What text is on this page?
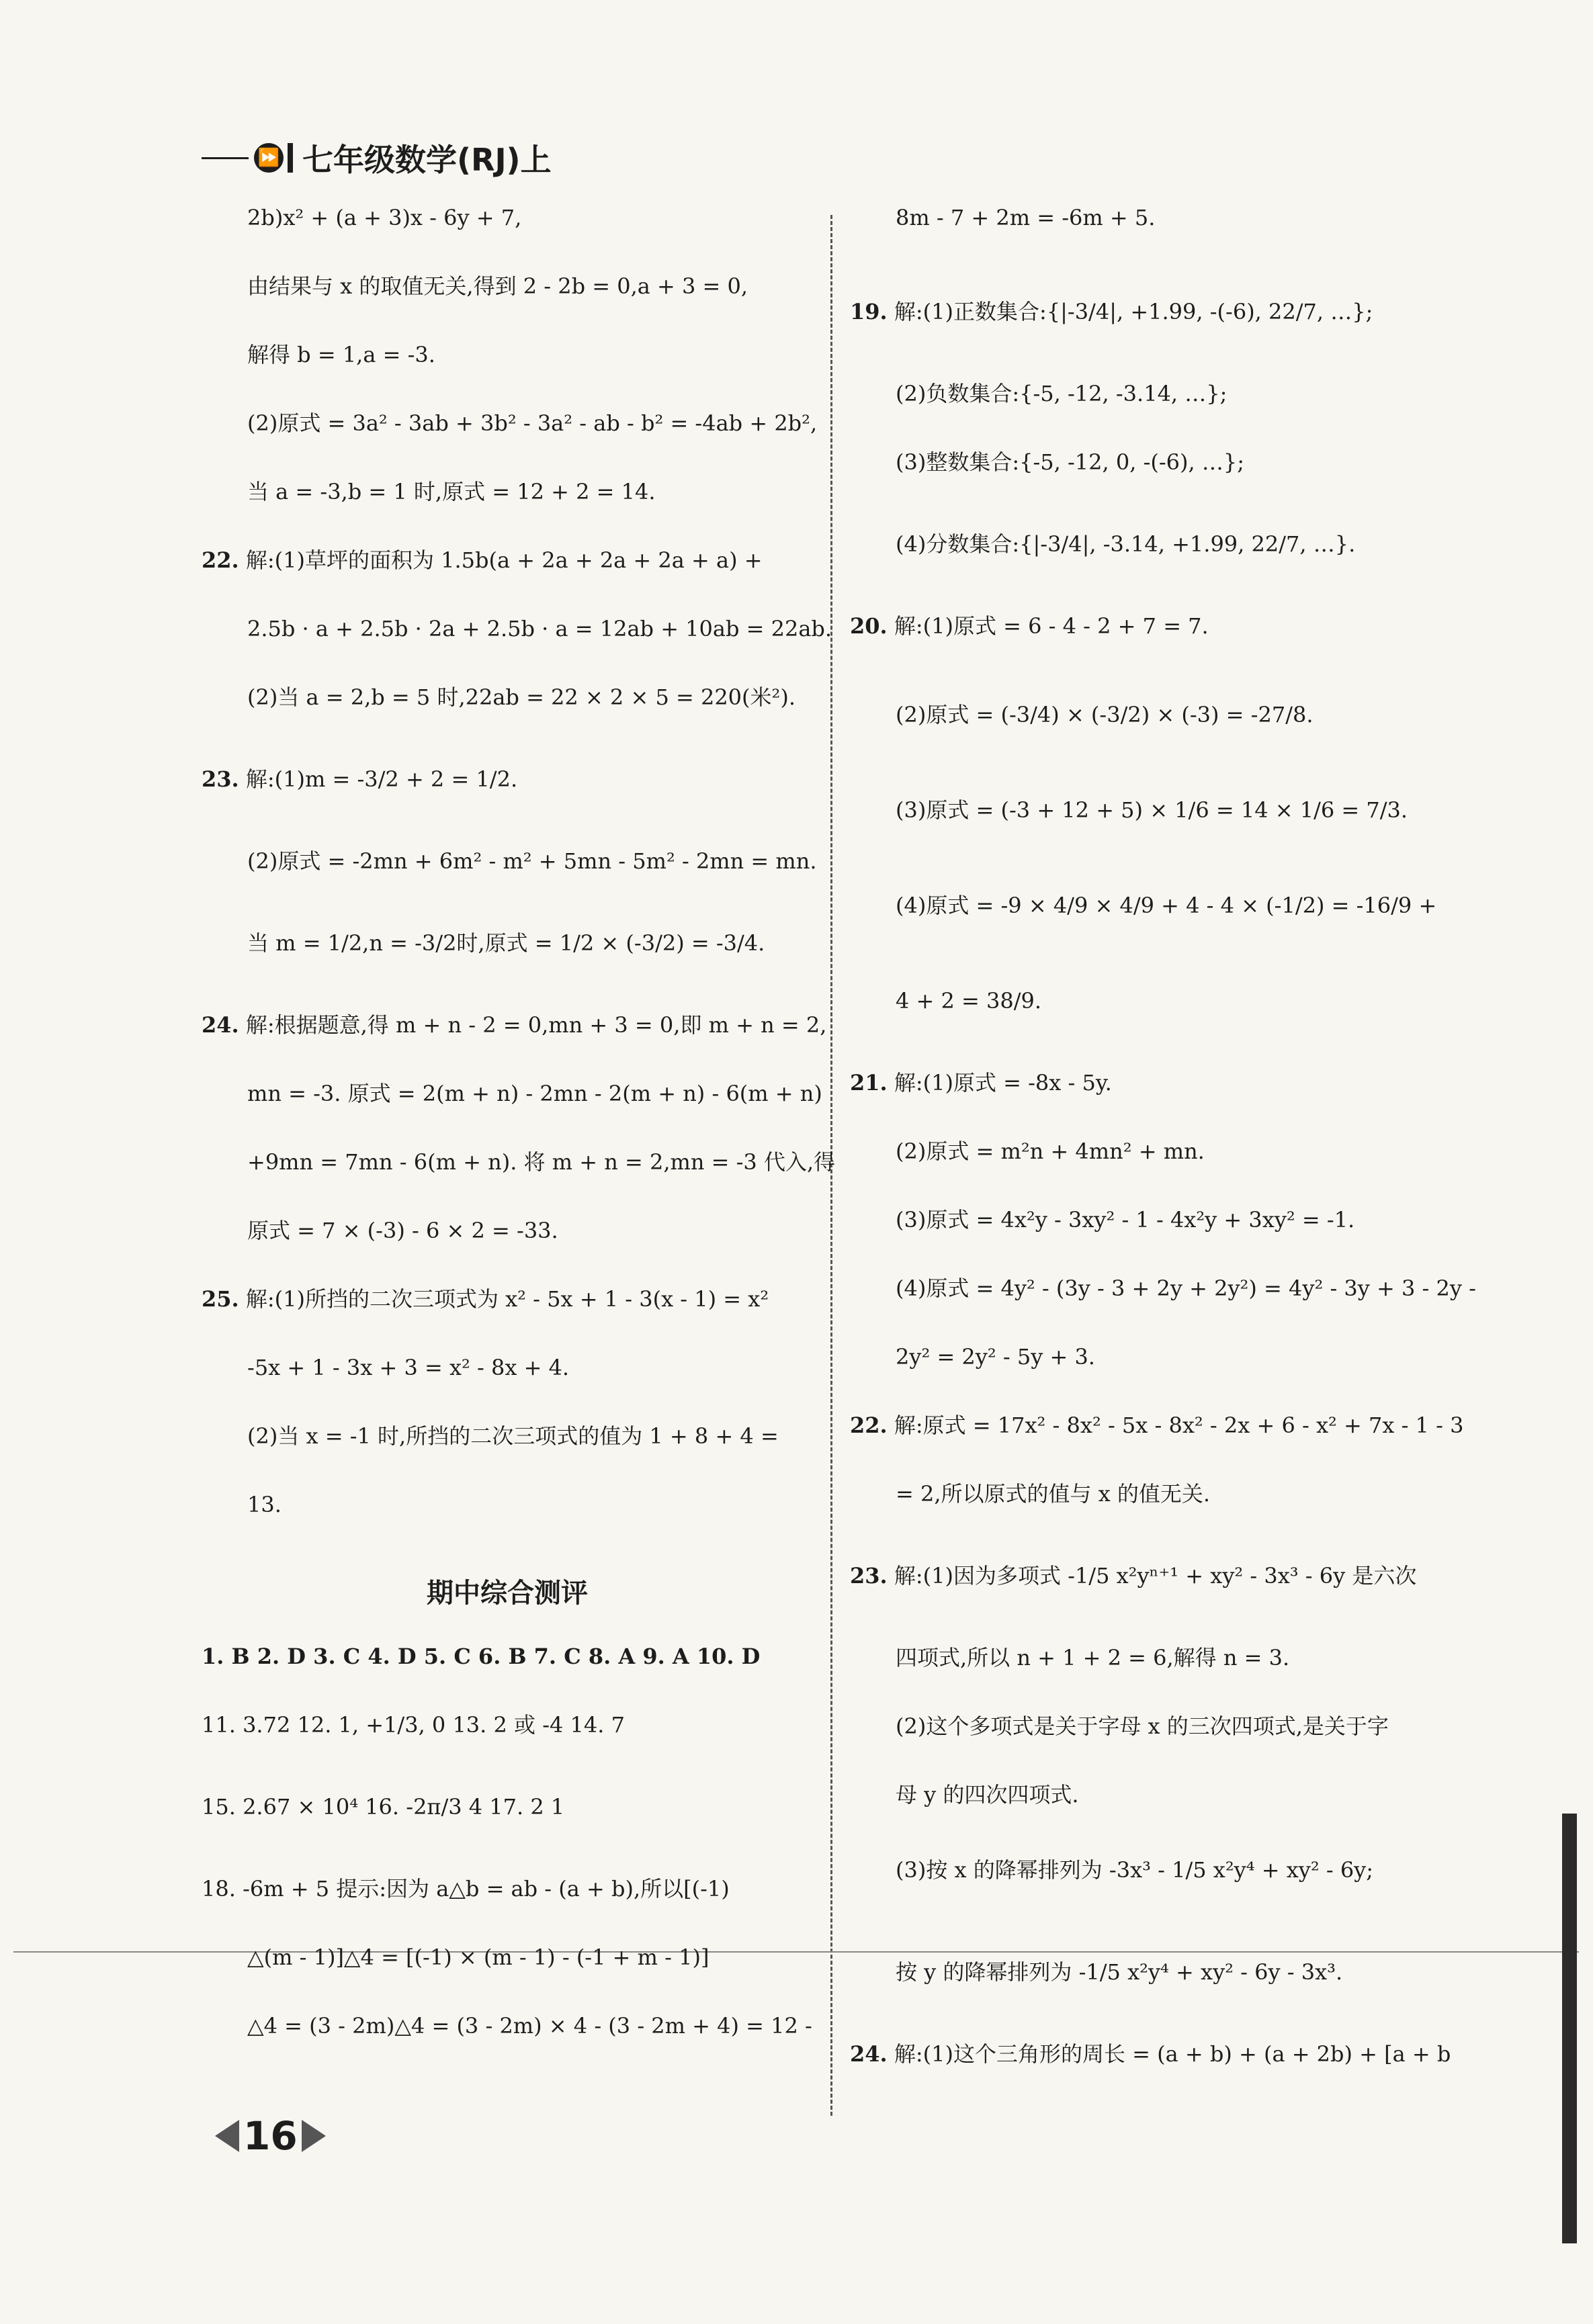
⏩ 七年级数学(RJ)上
2b)x² + (a + 3)x - 6y + 7,
由结果与 x 的取值无关,得到 2 - 2b = 0,a + 3 = 0,
解得 b = 1,a = -3.
(2)原式 = 3a² - 3ab + 3b² - 3a² - ab - b² = -4ab + 2b²,
当 a = -3,b = 1 时,原式 = 12 + 2 = 14.
22. 解:(1)草坪的面积为 1.5b(a + 2a + 2a + 2a + a) +
2.5b · a + 2.5b · 2a + 2.5b · a = 12ab + 10ab = 22ab.
(2)当 a = 2,b = 5 时,22ab = 22 × 2 × 5 = 220(米²).
23. 解:(1)m = -3/2 + 2 = 1/2.
(2)原式 = -2mn + 6m² - m² + 5mn - 5m² - 2mn = mn.
当 m = 1/2,n = -3/2时,原式 = 1/2 × (-3/2) = -3/4.
24. 解:根据题意,得 m + n - 2 = 0,mn + 3 = 0,即 m + n = 2,
mn = -3. 原式 = 2(m + n) - 2mn - 2(m + n) - 6(m + n)
+9mn = 7mn - 6(m + n). 将 m + n = 2,mn = -3 代入,得
原式 = 7 × (-3) - 6 × 2 = -33.
25. 解:(1)所挡的二次三项式为 x² - 5x + 1 - 3(x - 1) = x²
-5x + 1 - 3x + 3 = x² - 8x + 4.
(2)当 x = -1 时,所挡的二次三项式的值为 1 + 8 + 4 =
13.
期中综合测评
1. B 2. D 3. C 4. D 5. C 6. B 7. C 8. A 9. A 10. D
11. 3.72 12. 1, +1/3, 0 13. 2 或 -4 14. 7
15. 2.67 × 10⁴ 16. -2π/3 4 17. 2 1
18. -6m + 5 提示:因为 a△b = ab - (a + b),所以[(-1)
△(m - 1)]△4 = [(-1) × (m - 1) - (-1 + m - 1)]
△4 = (3 - 2m)△4 = (3 - 2m) × 4 - (3 - 2m + 4) = 12 -
8m - 7 + 2m = -6m + 5.
19. 解:(1)正数集合:{|-3/4|, +1.99, -(-6), 22/7, …};
(2)负数集合:{-5, -12, -3.14, …};
(3)整数集合:{-5, -12, 0, -(-6), …};
(4)分数集合:{|-3/4|, -3.14, +1.99, 22/7, …}.
20. 解:(1)原式 = 6 - 4 - 2 + 7 = 7.
(2)原式 = (-3/4) × (-3/2) × (-3) = -27/8.
(3)原式 = (-3 + 12 + 5) × 1/6 = 14 × 1/6 = 7/3.
(4)原式 = -9 × 4/9 × 4/9 + 4 - 4 × (-1/2) = -16/9 +
4 + 2 = 38/9.
21. 解:(1)原式 = -8x - 5y.
(2)原式 = m²n + 4mn² + mn.
(3)原式 = 4x²y - 3xy² - 1 - 4x²y + 3xy² = -1.
(4)原式 = 4y² - (3y - 3 + 2y + 2y²) = 4y² - 3y + 3 - 2y -
2y² = 2y² - 5y + 3.
22. 解:原式 = 17x² - 8x² - 5x - 8x² - 2x + 6 - x² + 7x - 1 - 3
= 2,所以原式的值与 x 的值无关.
23. 解:(1)因为多项式 -1/5 x²yⁿ⁺¹ + xy² - 3x³ - 6y 是六次
四项式,所以 n + 1 + 2 = 6,解得 n = 3.
(2)这个多项式是关于字母 x 的三次四项式,是关于字
母 y 的四次四项式.
(3)按 x 的降幂排列为 -3x³ - 1/5 x²y⁴ + xy² - 6y;
按 y 的降幂排列为 -1/5 x²y⁴ + xy² - 6y - 3x³.
24. 解:(1)这个三角形的周长 = (a + b) + (a + 2b) + [a + b
16
